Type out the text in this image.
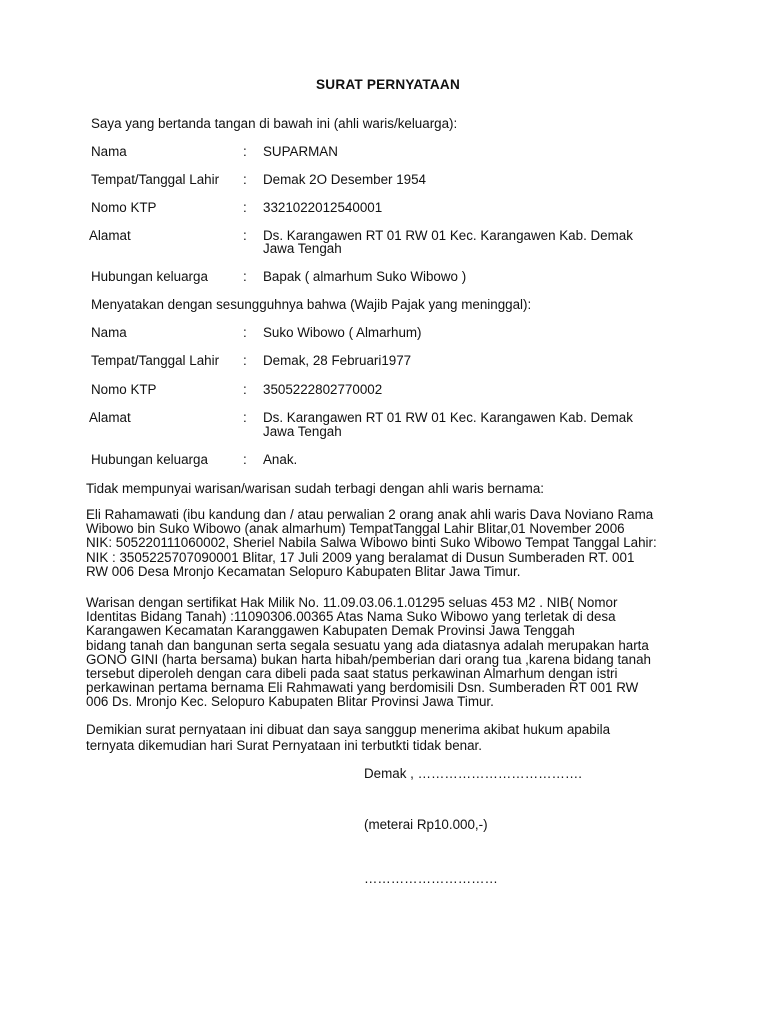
SURAT PERNYATAAN
Saya yang bertanda tangan di bawah ini (ahli waris/keluarga):
Nama	: SUPARMAN
Tempat/Tanggal Lahir : Demak 2O Desember 1954
Nomo KTP	: 3321022012540001
Alamat	: Ds. Karangawen RT 01 RW 01 Kec. Karangawen Kab. Demak
Jawa Tengah
Hubungan keluarga	: Bapak ( almarhum Suko Wibowo )
Menyatakan dengan sesungguhnya bahwa (Wajib Pajak yang meninggal):
Nama	: Suko Wibowo ( Almarhum)
Tempat/Tanggal Lahir : Demak, 28 Februari1977
Nomo KTP	: 3505222802770002
Alamat	: Ds. Karangawen RT 01 RW 01 Kec. Karangawen Kab. Demak
Jawa Tengah
Hubungan keluarga	: Anak.
Tidak mempunyai warisan/warisan sudah terbagi dengan ahli waris bernama:
Eli Rahamawati (ibu kandung dan / atau perwalian 2 orang anak ahli waris Dava Noviano Rama
Wibowo bin Suko Wibowo (anak almarhum) TempatTanggal Lahir Blitar,01 November 2006
NIK: 505220111060002, Sheriel Nabila Salwa Wibowo binti Suko Wibowo Tempat Tanggal Lahir:
NIK : 3505225707090001 Blitar, 17 Juli 2009 yang beralamat di Dusun Sumberaden RT. 001
RW 006 Desa Mronjo Kecamatan Selopuro Kabupaten Blitar Jawa Timur.
Warisan dengan sertifikat Hak Milik No. 11.09.03.06.1.01295 seluas 453 M2 . NIB( Nomor
Identitas Bidang Tanah) :11090306.00365 Atas Nama Suko Wibowo yang terletak di desa
Karangawen Kecamatan Karanggawen Kabupaten Demak Provinsi Jawa Tenggah
bidang tanah dan bangunan serta segala sesuatu yang ada diatasnya adalah merupakan harta
GONO GINI (harta bersama) bukan harta hibah/pemberian dari orang tua ,karena bidang tanah
tersebut diperoleh dengan cara dibeli pada saat status perkawinan Almarhum dengan istri
perkawinan pertama bernama Eli Rahmawati yang berdomisili Dsn. Sumberaden RT 001 RW
006 Ds. Mronjo Kec. Selopuro Kabupaten Blitar Provinsi Jawa Timur.
Demikian surat pernyataan ini dibuat dan saya sanggup menerima akibat hukum apabila
ternyata dikemudian hari Surat Pernyataan ini terbutkti tidak benar.
Demak , ……………………………….
(meterai Rp10.000,-)
…………………………
